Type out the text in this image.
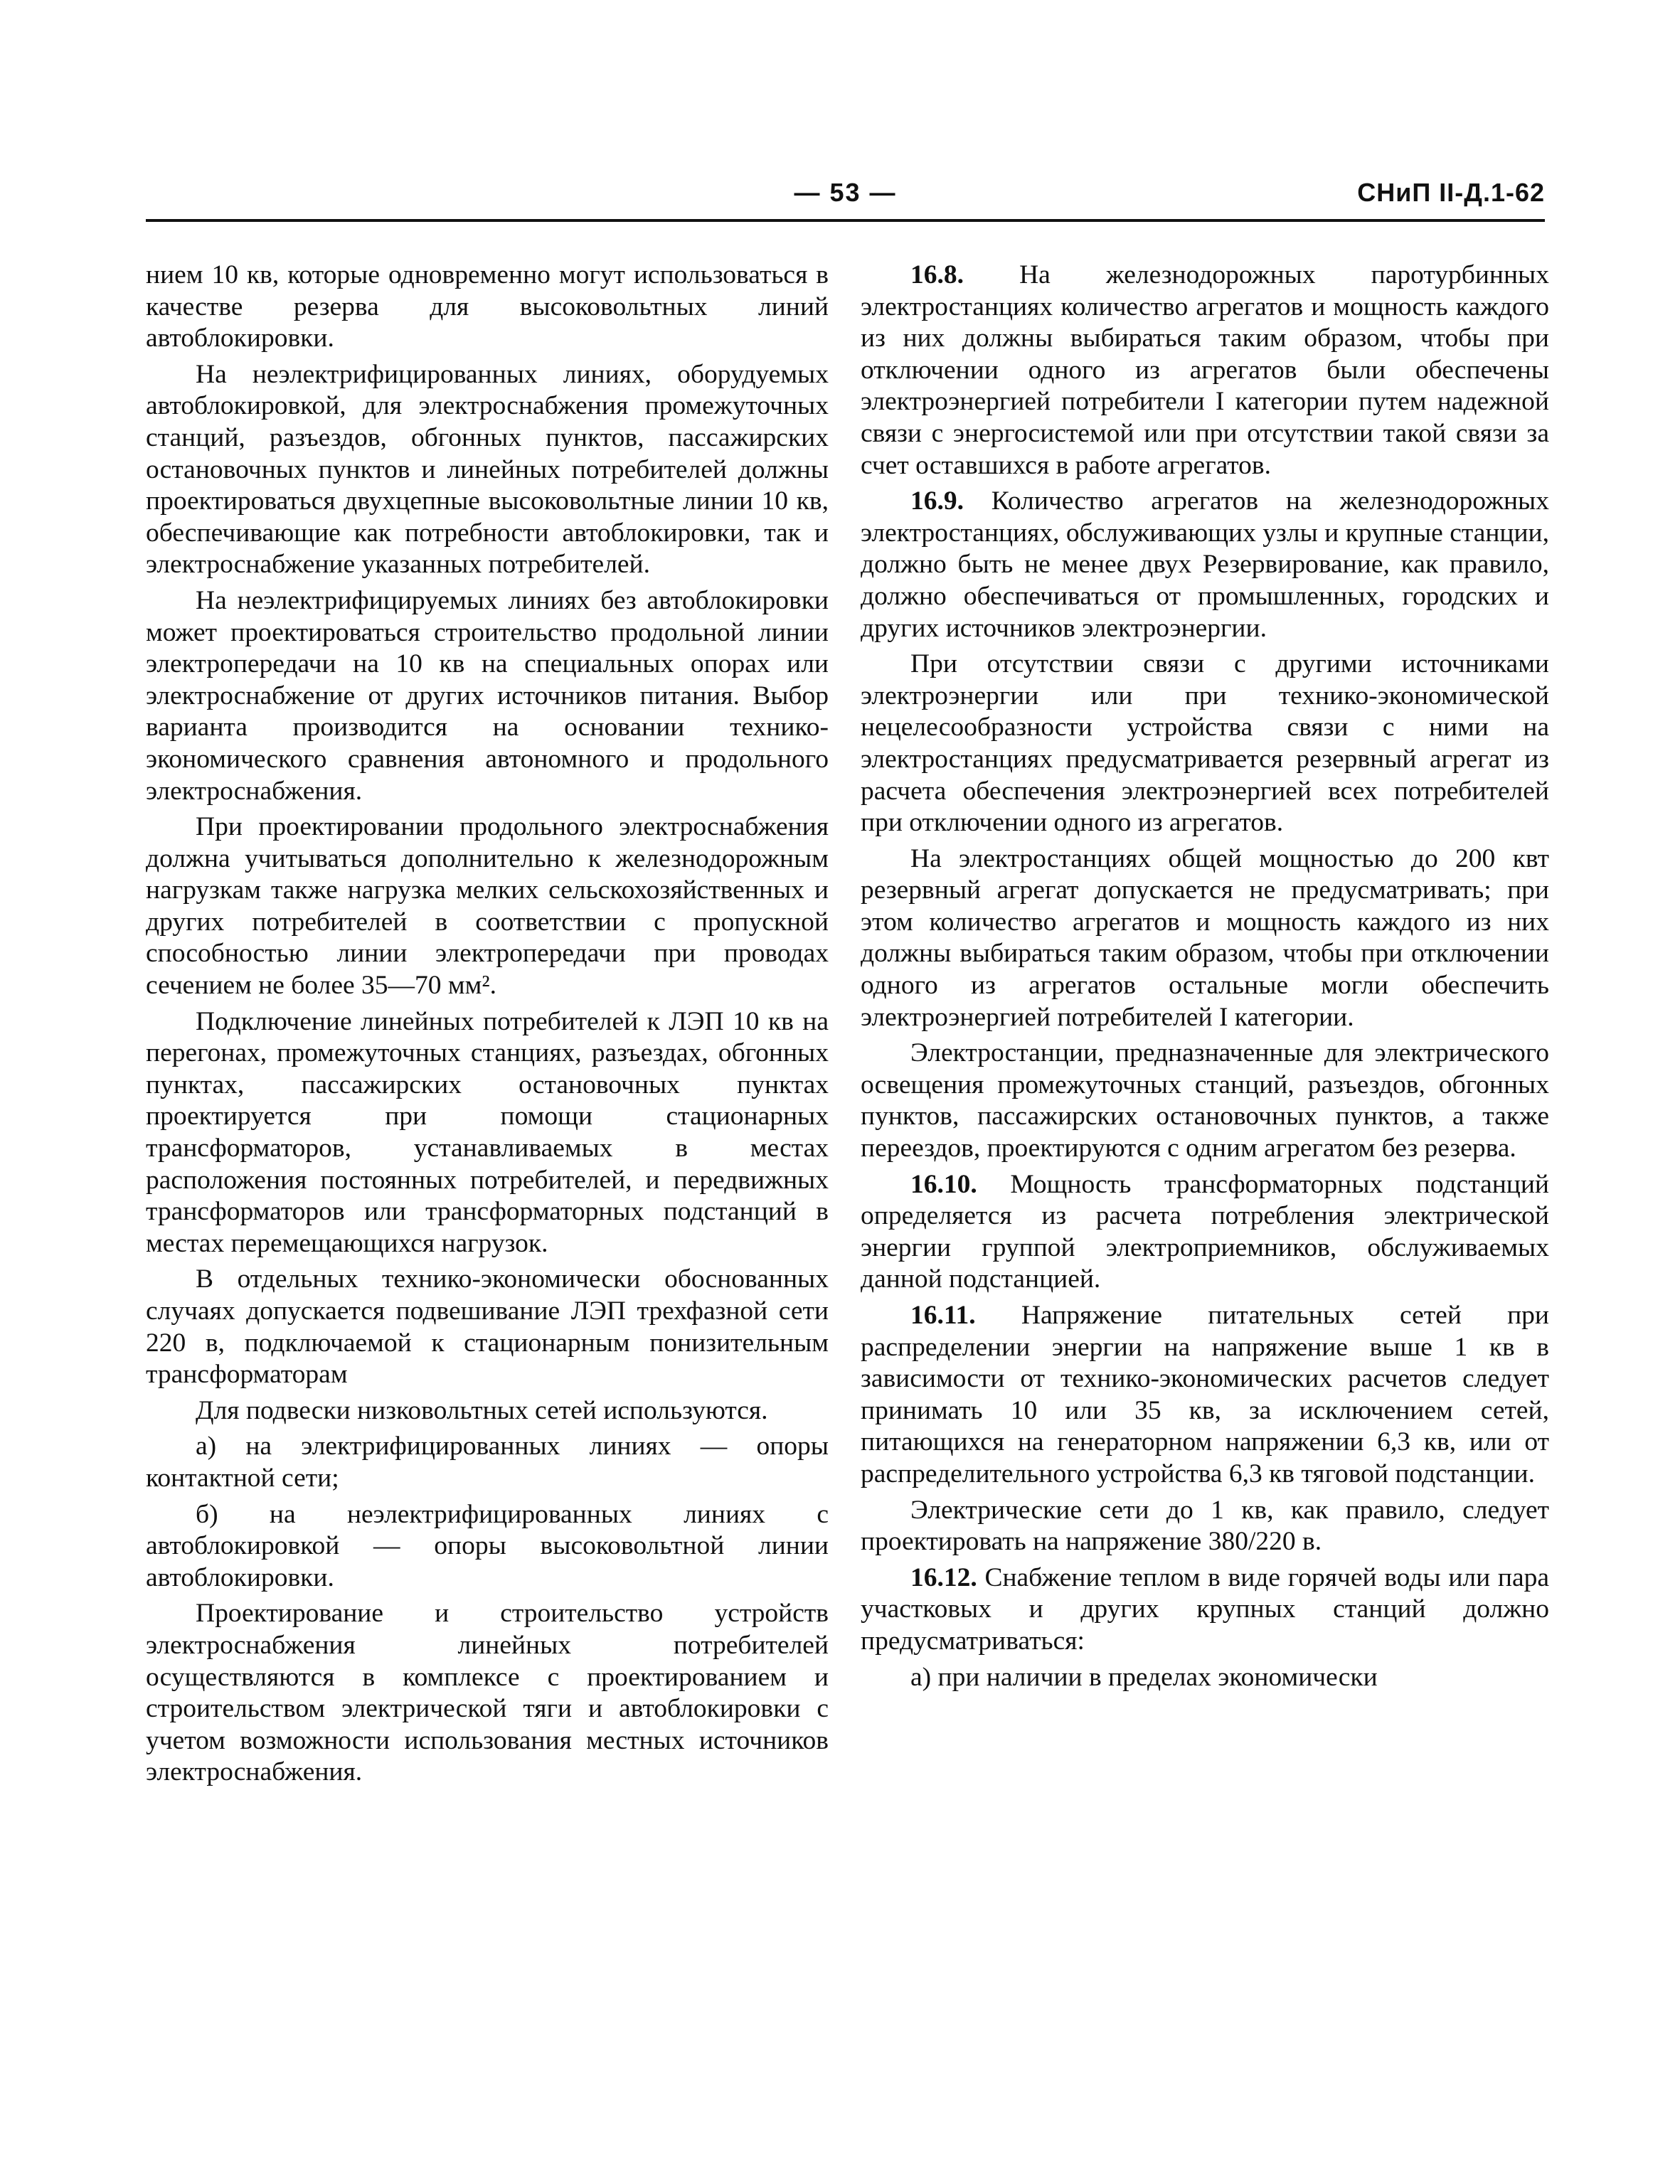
— 53 —	СНиП II-Д.1-62

нием 10 кв, которые одновременно могут использоваться в качестве резерва для высоковольтных линий автоблокировки.

На неэлектрифицированных линиях, оборудуемых автоблокировкой, для электроснабжения промежуточных станций, разъездов, обгонных пунктов, пассажирских остановочных пунктов и линейных потребителей должны проектироваться двухцепные высоковольтные линии 10 кв, обеспечивающие как потребности автоблокировки, так и электроснабжение указанных потребителей.

На неэлектрифицируемых линиях без автоблокировки может проектироваться строительство продольной линии электропередачи на 10 кв на специальных опорах или электроснабжение от других источников питания. Выбор варианта производится на основании технико-экономического сравнения автономного и продольного электроснабжения.

При проектировании продольного электроснабжения должна учитываться дополнительно к железнодорожным нагрузкам также нагрузка мелких сельскохозяйственных и других потребителей в соответствии с пропускной способностью линии электропередачи при проводах сечением не более 35—70 мм².

Подключение линейных потребителей к ЛЭП 10 кв на перегонах, промежуточных станциях, разъездах, обгонных пунктах, пассажирских остановочных пунктах проектируется при помощи стационарных трансформаторов, устанавливаемых в местах расположения постоянных потребителей, и передвижных трансформаторов или трансформаторных подстанций в местах перемещающихся нагрузок.

В отдельных технико-экономически обоснованных случаях допускается подвешивание ЛЭП трехфазной сети 220 в, подключаемой к стационарным понизительным трансформаторам

Для подвески низковольтных сетей используются.

а) на электрифицированных линиях — опоры контактной сети;

б) на неэлектрифицированных линиях с автоблокировкой — опоры высоковольтной линии автоблокировки.

Проектирование и строительство устройств электроснабжения линейных потребителей осуществляются в комплексе с проектированием и строительством электрической тяги и автоблокировки с учетом возможности использования местных источников электроснабжения.

16.8. На железнодорожных паротурбинных электростанциях количество агрегатов и мощность каждого из них должны выбираться таким образом, чтобы при отключении одного из агрегатов были обеспечены электроэнергией потребители I категории путем надежной связи с энергосистемой или при отсутствии такой связи за счет оставшихся в работе агрегатов.

16.9. Количество агрегатов на железнодорожных электростанциях, обслуживающих узлы и крупные станции, должно быть не менее двух Резервирование, как правило, должно обеспечиваться от промышленных, городских и других источников электроэнергии.

При отсутствии связи с другими источниками электроэнергии или при технико-экономической нецелесообразности устройства связи с ними на электростанциях предусматривается резервный агрегат из расчета обеспечения электроэнергией всех потребителей при отключении одного из агрегатов.

На электростанциях общей мощностью до 200 квт резервный агрегат допускается не предусматривать; при этом количество агрегатов и мощность каждого из них должны выбираться таким образом, чтобы при отключении одного из агрегатов остальные могли обеспечить электроэнергией потребителей I категории.

Электростанции, предназначенные для электрического освещения промежуточных станций, разъездов, обгонных пунктов, пассажирских остановочных пунктов, а также переездов, проектируются с одним агрегатом без резерва.

16.10. Мощность трансформаторных подстанций определяется из расчета потребления электрической энергии группой электроприемников, обслуживаемых данной подстанцией.

16.11. Напряжение питательных сетей при распределении энергии на напряжение выше 1 кв в зависимости от технико-экономических расчетов следует принимать 10 или 35 кв, за исключением сетей, питающихся на генераторном напряжении 6,3 кв, или от распределительного устройства 6,3 кв тяговой подстанции.

Электрические сети до 1 кв, как правило, следует проектировать на напряжение 380/220 в.

16.12. Снабжение теплом в виде горячей воды или пара участковых и других крупных станций должно предусматриваться:

а) при наличии в пределах экономически
